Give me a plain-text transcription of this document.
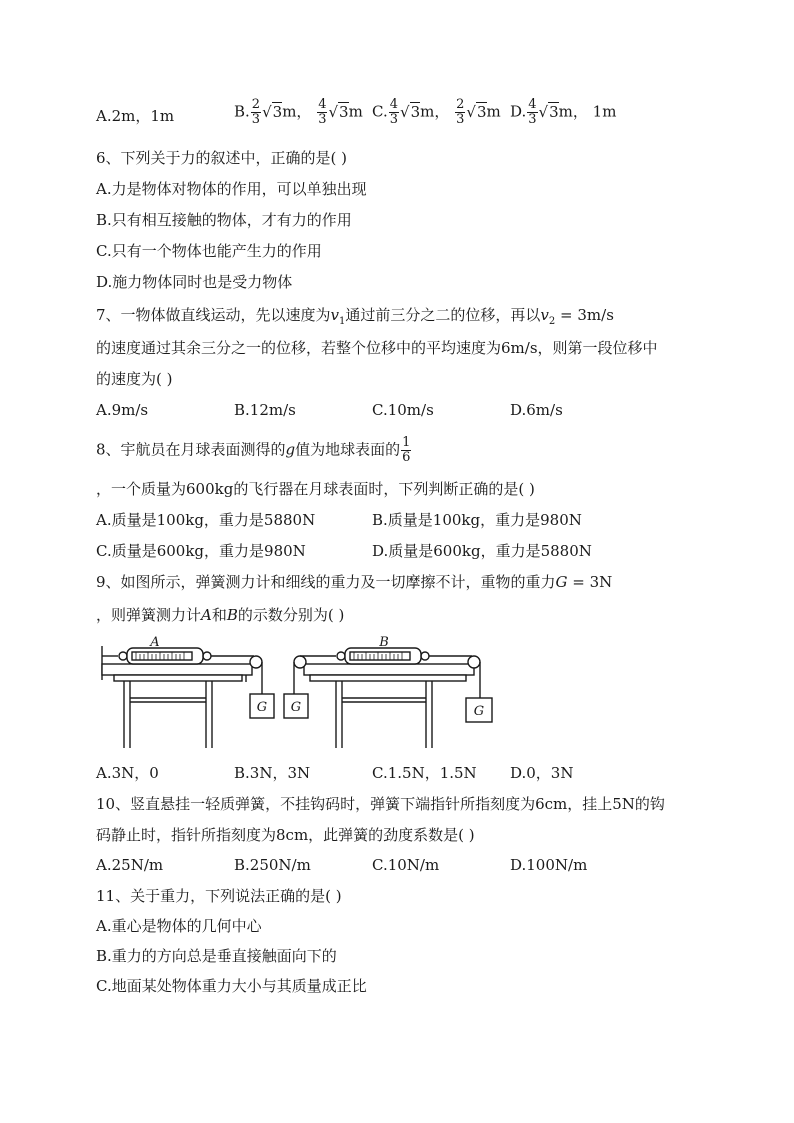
A.2m，1m	B. $\frac{2}{3} √3m$， $\frac{4}{3} √3m$ C. $\frac{4}{3} √3m$， $\frac{2}{3} √3m$ D. $\frac{4}{3} √3m$， 1m
6、下列关于力的叙述中，正确的是( )
A.力是物体对物体的作用，可以单独出现
B.只有相互接触的物体，才有力的作用
C.只有一个物体也能产生力的作用
D.施力物体同时也是受力物体
7、一物体做直线运动，先以速度为$v_1$通过前三分之二的位移，再以$v_2 = 3m/s$
的速度通过其余三分之一的位移，若整个位移中的平均速度为6m/s，则第一段位移中
的速度为( )
A.9m/s	B.12m/s	C.10m/s	D.6m/s
8、宇航员在月球表面测得的g值为地球表面的 $\frac{1}{6}$
，一个质量为600kg的飞行器在月球表面时，下列判断正确的是( )
A.质量是100kg，重力是5880N	B.质量是100kg，重力是980N
C.质量是600kg，重力是980N	D.质量是600kg，重力是5880N
9、如图所示，弹簧测力计和细线的重力及一切摩擦不计，重物的重力G = 3N
，则弹簧测力计A和B的示数分别为( )
A
G
B
G	G
A.3N，0	B.3N，3N	C.1.5N，1.5N D.0，3N
10、竖直悬挂一轻质弹簧，不挂钩码时，弹簧下端指针所指刻度为6cm，挂上5N的钩
码静止时，指针所指刻度为8cm，此弹簧的劲度系数是( )
A.25N/m	B.250N/m	C.10N/m	D.100N/m
11、关于重力，下列说法正确的是( )
A.重心是物体的几何中心
B.重力的方向总是垂直接触面向下的
C.地面某处物体重力大小与其质量成正比
